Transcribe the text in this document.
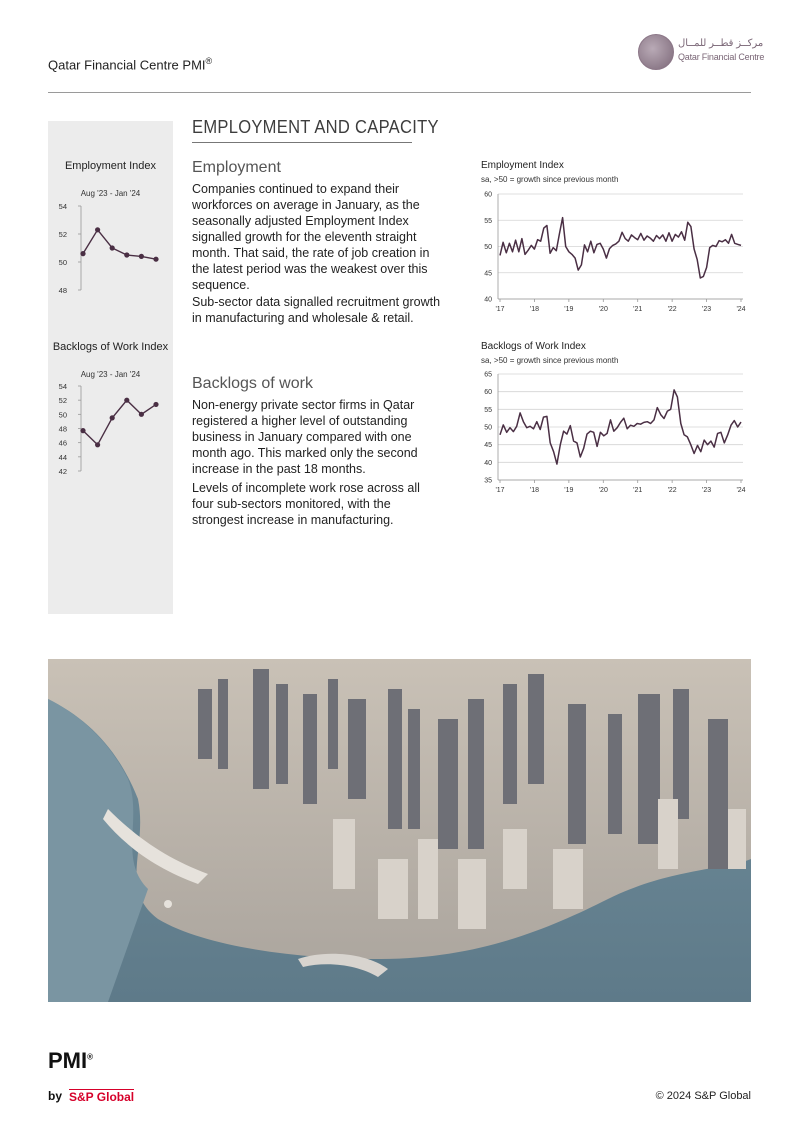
Qatar Financial Centre PMI®
مركــز قطــر للمــال
Qatar Financial Centre
Employment Index
Aug '23 - Jan '24
48
50
52
54
Backlogs of Work Index
Aug '23 - Jan '24
42
44
46
48
50
52
54
EMPLOYMENT AND CAPACITY
Employment
Companies continued to expand their workforces on average in January, as the seasonally adjusted Employment Index signalled growth for the eleventh straight month. That said, the rate of job creation in the latest period was the weakest over this sequence.
Sub-sector data signalled recruitment growth in manufacturing and wholesale & retail.
Backlogs of work
Non-energy private sector firms in Qatar registered a higher level of outstanding business in January compared with one month ago. This marked only the second increase in the past 18 months.
Levels of incomplete work rose across all four sub-sectors monitored, with the strongest increase in manufacturing.
Employment Index
sa, >50 = growth since previous month
40
45
50
55
60
'17	'18	'19	'20	'21	'22	'23	'24
Backlogs of Work Index
sa, >50 = growth since previous month
35
40
45
50
55
60
65
'17	'18	'19	'20	'21	'22	'23	'24
PMI®
by S&P Global	© 2024 S&P Global
